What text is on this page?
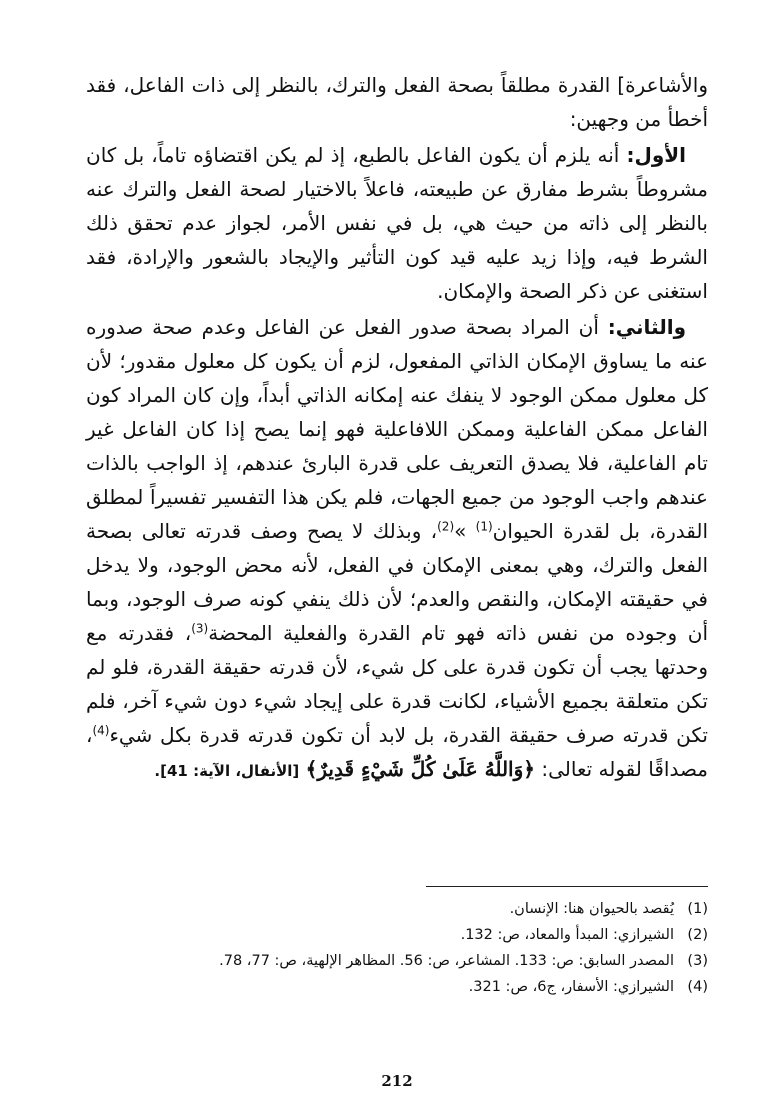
والأشاعرة] القدرة مطلقاً بصحة الفعل والترك، بالنظر إلى ذات الفاعل، فقد أخطأ من وجهين:

الأول: أنه يلزم أن يكون الفاعل بالطبع، إذ لم يكن اقتضاؤه تاماً، بل كان مشروطاً بشرط مفارق عن طبيعته، فاعلاً بالاختيار لصحة الفعل والترك عنه بالنظر إلى ذاته من حيث هي، بل في نفس الأمر، لجواز عدم تحقق ذلك الشرط فيه، وإذا زيد عليه قيد كون التأثير والإيجاد بالشعور والإرادة، فقد استغنى عن ذكر الصحة والإمكان.

والثاني: أن المراد بصحة صدور الفعل عن الفاعل وعدم صحة صدوره عنه ما يساوق الإمكان الذاتي المفعول، لزم أن يكون كل معلول مقدور؛ لأن كل معلول ممكن الوجود لا ينفك عنه إمكانه الذاتي أبداً، وإن كان المراد كون الفاعل ممكن الفاعلية وممكن اللافاعلية فهو إنما يصح إذا كان الفاعل غير تام الفاعلية، فلا يصدق التعريف على قدرة البارئ عندهم، إذ الواجب بالذات عندهم واجب الوجود من جميع الجهات، فلم يكن هذا التفسير تفسيراً لمطلق القدرة، بل لقدرة الحيوان$^{(1)}$ »$^{(2)}$، وبذلك لا يصح وصف قدرته تعالى بصحة الفعل والترك، وهي بمعنى الإمكان في الفعل، لأنه محض الوجود، ولا يدخل في حقيقته الإمكان، والنقص والعدم؛ لأن ذلك ينفي كونه صرف الوجود، وبما أن وجوده من نفس ذاته فهو تام القدرة والفعلية المحضة$^{(3)}$، فقدرته مع وحدتها يجب أن تكون قدرة على كل شيء، لأن قدرته حقيقة القدرة، فلو لم تكن متعلقة بجميع الأشياء، لكانت قدرة على إيجاد شيء دون شيء آخر، فلم تكن قدرته صرف حقيقة القدرة، بل لابد أن تكون قدرته قدرة بكل شيء$^{(4)}$، مصداقًا لقوله تعالى: ﴿وَاللَّهُ عَلَىٰ كُلِّ شَيْءٍ قَدِيرٌ﴾ [الأنفال، الآية: 41].

(1)
يُقصد بالحيوان هنا: الإنسان.
(2)
الشيرازي: المبدأ والمعاد، ص: 132.
(3)
المصدر السابق: ص: 133. المشاعر، ص: 56. المظاهر الإلهية، ص: 77، 78.
(4)
الشيرازي: الأسفار، ج6، ص: 321.
212
